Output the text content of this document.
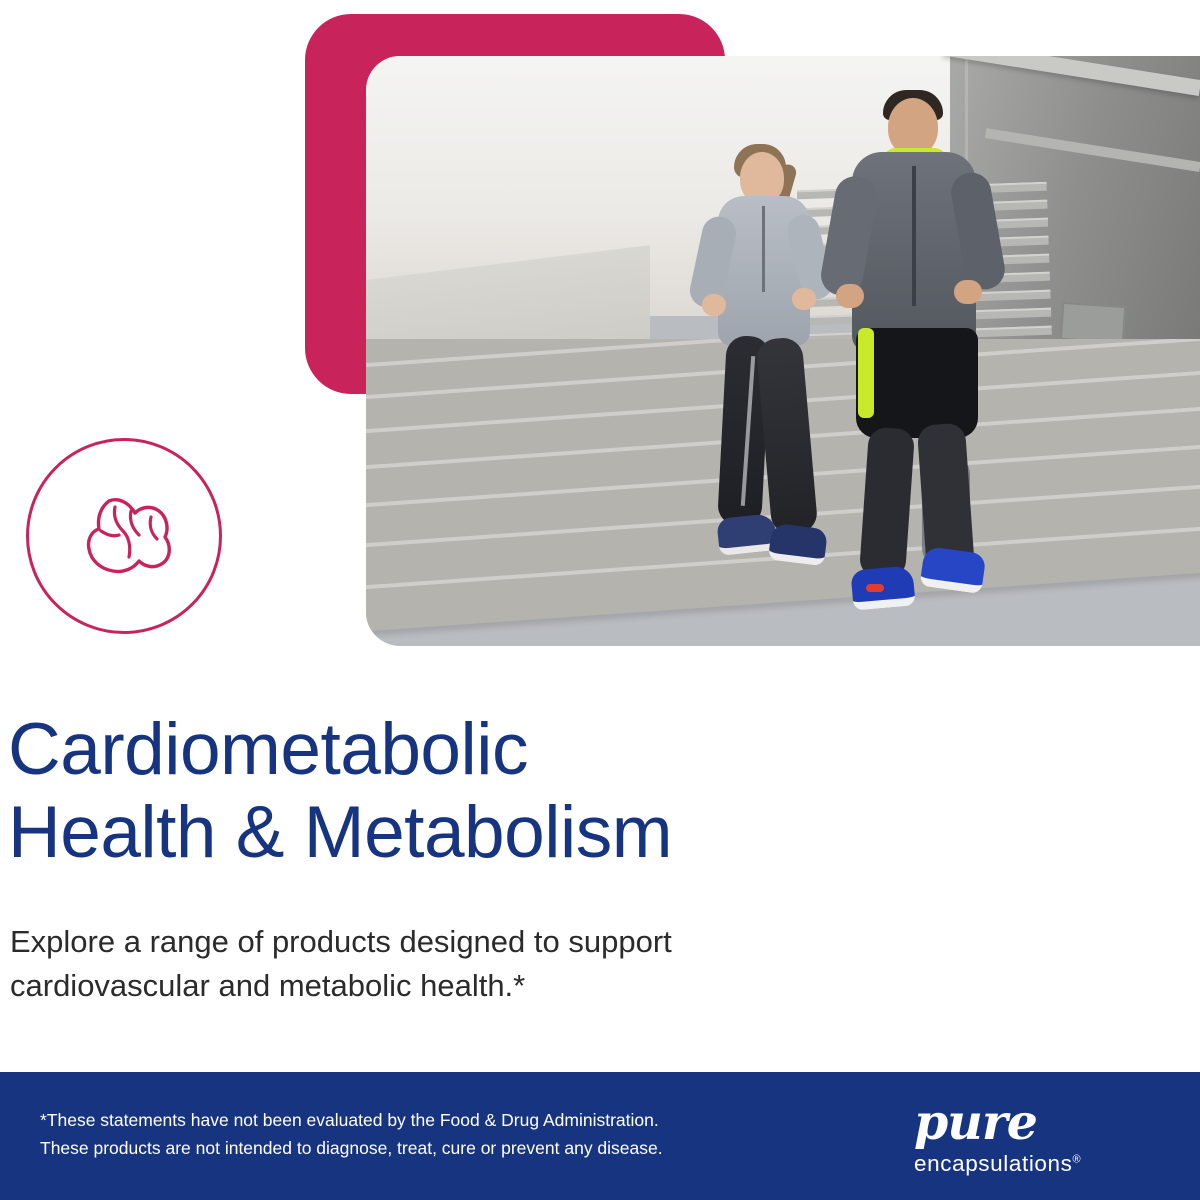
Cardiometabolic
Health & Metabolism
Explore a range of products designed to support
cardiovascular and metabolic health.*
*These statements have not been evaluated by the Food & Drug Administration.
These products are not intended to diagnose, treat, cure or prevent any disease.	pure
encapsulations®
